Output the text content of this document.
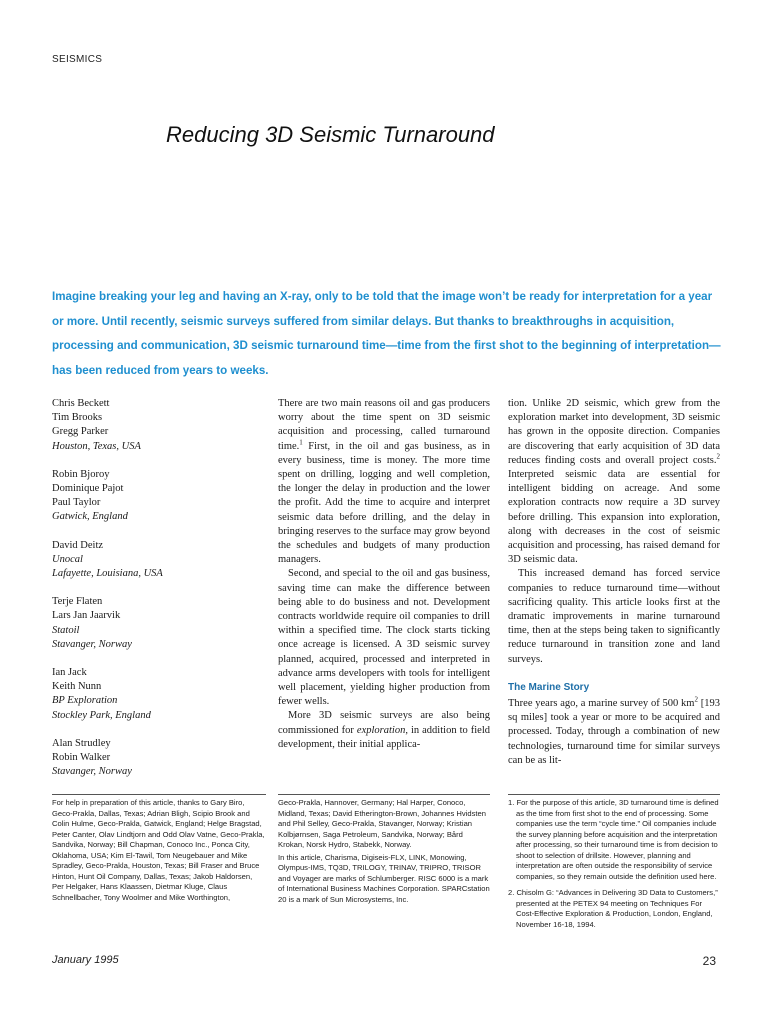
SEISMICS
Reducing 3D Seismic Turnaround

Imagine breaking your leg and having an X-ray, only to be told that the image won’t be ready for interpretation for a year or more. Until recently, seismic surveys suffered from similar delays. But thanks to breakthroughs in acquisition, processing and communication, 3D seismic turnaround time—time from the first shot to the beginning of interpretation—has been reduced from years to weeks.

Chris Beckett
Tim Brooks
Gregg Parker
Houston, Texas, USA
Robin Bjoroy
Dominique Pajot
Paul Taylor
Gatwick, England
David Deitz
Unocal
Lafayette, Louisiana, USA
Terje Flaten
Lars Jan Jaarvik
Statoil
Stavanger, Norway
Ian Jack
Keith Nunn
BP Exploration
Stockley Park, England
Alan Strudley
Robin Walker
Stavanger, Norway

There are two main reasons oil and gas producers worry about the time spent on 3D seismic acquisition and processing, called turnaround time.$^1$ First, in the oil and gas business, as in every business, time is money. The more time spent on drilling, logging and well completion, the longer the delay in production and the lower the profit. Add the time to acquire and interpret seismic data before drilling, and the delay in bringing reserves to the surface may grow beyond the schedules and budgets of many production managers.

Second, and special to the oil and gas business, saving time can make the difference between being able to do business and not. Development contracts worldwide require oil companies to drill within a specified time. The clock starts ticking once acreage is licensed. A 3D seismic survey planned, acquired, processed and interpreted in advance arms developers with tools for intelligent well placement, yielding higher production from fewer wells.

More 3D seismic surveys are also being commissioned for exploration, in addition to field development, their initial applica-

tion. Unlike 2D seismic, which grew from the exploration market into development, 3D seismic has grown in the opposite direction. Companies are discovering that early acquisition of 3D data reduces finding costs and overall project costs.$^2$ Interpreted seismic data are essential for intelligent bidding on acreage. And some exploration contracts now require a 3D survey before drilling. This expansion into exploration, along with decreases in the cost of seismic acquisition and processing, has raised demand for 3D seismic data.

This increased demand has forced service companies to reduce turnaround time—without sacrificing quality. This article looks first at the dramatic improvements in marine turnaround time, then at the steps being taken to significantly reduce turnaround in transition zone and land surveys.

The Marine Story

Three years ago, a marine survey of 500 $km^2$ [193 sq miles] took a year or more to be acquired and processed. Today, through a combination of new technologies, turnaround time for similar surveys can be as lit-

For help in preparation of this article, thanks to Gary Biro, Geco-Prakla, Dallas, Texas; Adrian Bligh, Scipio Brook and Colin Hulme, Geco-Prakla, Gatwick, England; Helge Bragstad, Peter Canter, Olav Lindtjorn and Odd Olav Vatne, Geco-Prakla, Sandvika, Norway; Bill Chapman, Conoco Inc., Ponca City, Oklahoma, USA; Kim El-Tawil, Tom Neugebauer and Mike Spradley, Geco-Prakla, Houston, Texas; Bill Fraser and Bruce Hinton, Hunt Oil Company, Dallas, Texas; Jakob Haldorsen, Per Helgaker, Hans Klaassen, Dietmar Kluge, Claus Schnellbacher, Tony Woolmer and Mike Worthington,

Geco-Prakla, Hannover, Germany; Hal Harper, Conoco, Midland, Texas; David Etherington-Brown, Johannes Hvidsten and Phil Selley, Geco-Prakla, Stavanger, Norway; Kristian Kolbjørnsen, Saga Petroleum, Sandvika, Norway; Bård Krokan, Norsk Hydro, Stabekk, Norway.

In this article, Charisma, Digiseis-FLX, LINK, Monowing, Olympus-IMS, TQ3D, TRILOGY, TRINAV, TRIPRO, TRISOR and Voyager are marks of Schlumberger. RISC 6000 is a mark of International Business Machines Corporation. SPARCstation 20 is a mark of Sun Microsystems, Inc.

1. For the purpose of this article, 3D turnaround time is defined as the time from first shot to the end of processing. Some companies use the term “cycle time.” Oil companies include the survey planning before acquisition and the interpretation after processing, so their turnaround time is from decision to shoot to selection of drillsite. However, planning and interpretation are often outside the responsibility of service companies, so they remain outside the definition used here.

2. Chisolm G: “Advances in Delivering 3D Data to Customers,” presented at the PETEX 94 meeting on Techniques For Cost-Effective Exploration & Production, London, England, November 16-18, 1994.

January 1995	23
